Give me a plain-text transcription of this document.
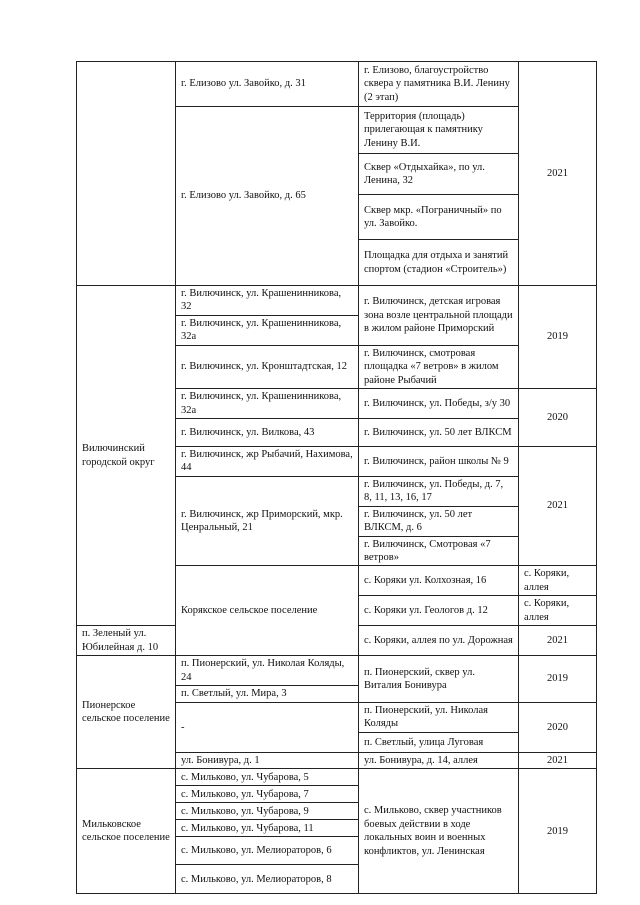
	г. Елизово ул. Завойко, д. 31	г. Елизово, благоустройство сквера у памятника В.И. Ленину (2 этап)	2021	
	г. Елизово ул. Завойко, д. 65	Территория (площадь) прилегающая к памятнику Ленину В.И.		
		Сквер «Отдыхайка», по ул. Ленина, 32		
		Сквер мкр. «Пограничный» по ул. Завойко.		
		Площадка для отдыха и занятий спортом (стадион «Строитель»)		
Вилючинский городской округ	г. Вилючинск, ул. Крашенинникова, 32	г. Вилючинск, детская игровая зона возле центральной площади в жилом районе Приморский	2019	
	г. Вилючинск, ул. Крашенинникова, 32а			
	г. Вилючинск, ул. Кронштадтская, 12	г. Вилючинск, смотровая площадка «7 ветров» в жилом районе Рыбачий		
	г. Вилючинск, ул. Крашенинникова, 32а	г. Вилючинск, ул. Победы, з/у 30	2020	
	г. Вилючинск, ул. Вилкова, 43	г. Вилючинск, ул. 50 лет ВЛКСМ		
	г. Вилючинск, жр Рыбачий, Нахимова, 44	г. Вилючинск, район школы № 9	2021	
	г. Вилючинск, жр Приморский, мкр. Ценральный, 21	г. Вилючинск, ул. Победы, д. 7, 8, 11, 13, 16, 17		
		г. Вилючинск, ул. 50 лет ВЛКСМ, д. 6		
		г. Вилючинск, Смотровая «7 ветров»		
	Корякское сельское поселение	с. Коряки ул. Колхозная, 16	с. Коряки, аллея	
		с. Коряки ул. Геологов д. 12	с. Коряки, аллея	
п. Зеленый ул. Юбилейная д. 10		с. Коряки, аллея по ул. Дорожная	2021	
Пионерское сельское поселение	п. Пионерский, ул. Николая Коляды, 24	п. Пионерский, сквер ул. Виталия Бонивура	2019	
	п. Светлый, ул. Мира, 3			
	-	п. Пионерский, ул. Николая Коляды	2020	
		п. Светлый, улица Луговая		
	ул. Бонивура, д. 1	ул. Бонивура, д. 14, аллея	2021	
Мильковское сельское поселение	с. Мильково, ул. Чубарова, 5	с. Мильково, сквер участников боевых действии в ходе локальных воин и военных конфликтов, ул. Ленинская	2019	
	с. Мильково, ул. Чубарова, 7			
	с. Мильково, ул. Чубарова, 9			
	с. Мильково, ул. Чубарова, 11			
	с. Мильково, ул. Мелиораторов, 6			
	с. Мильково, ул. Мелиораторов, 8			
